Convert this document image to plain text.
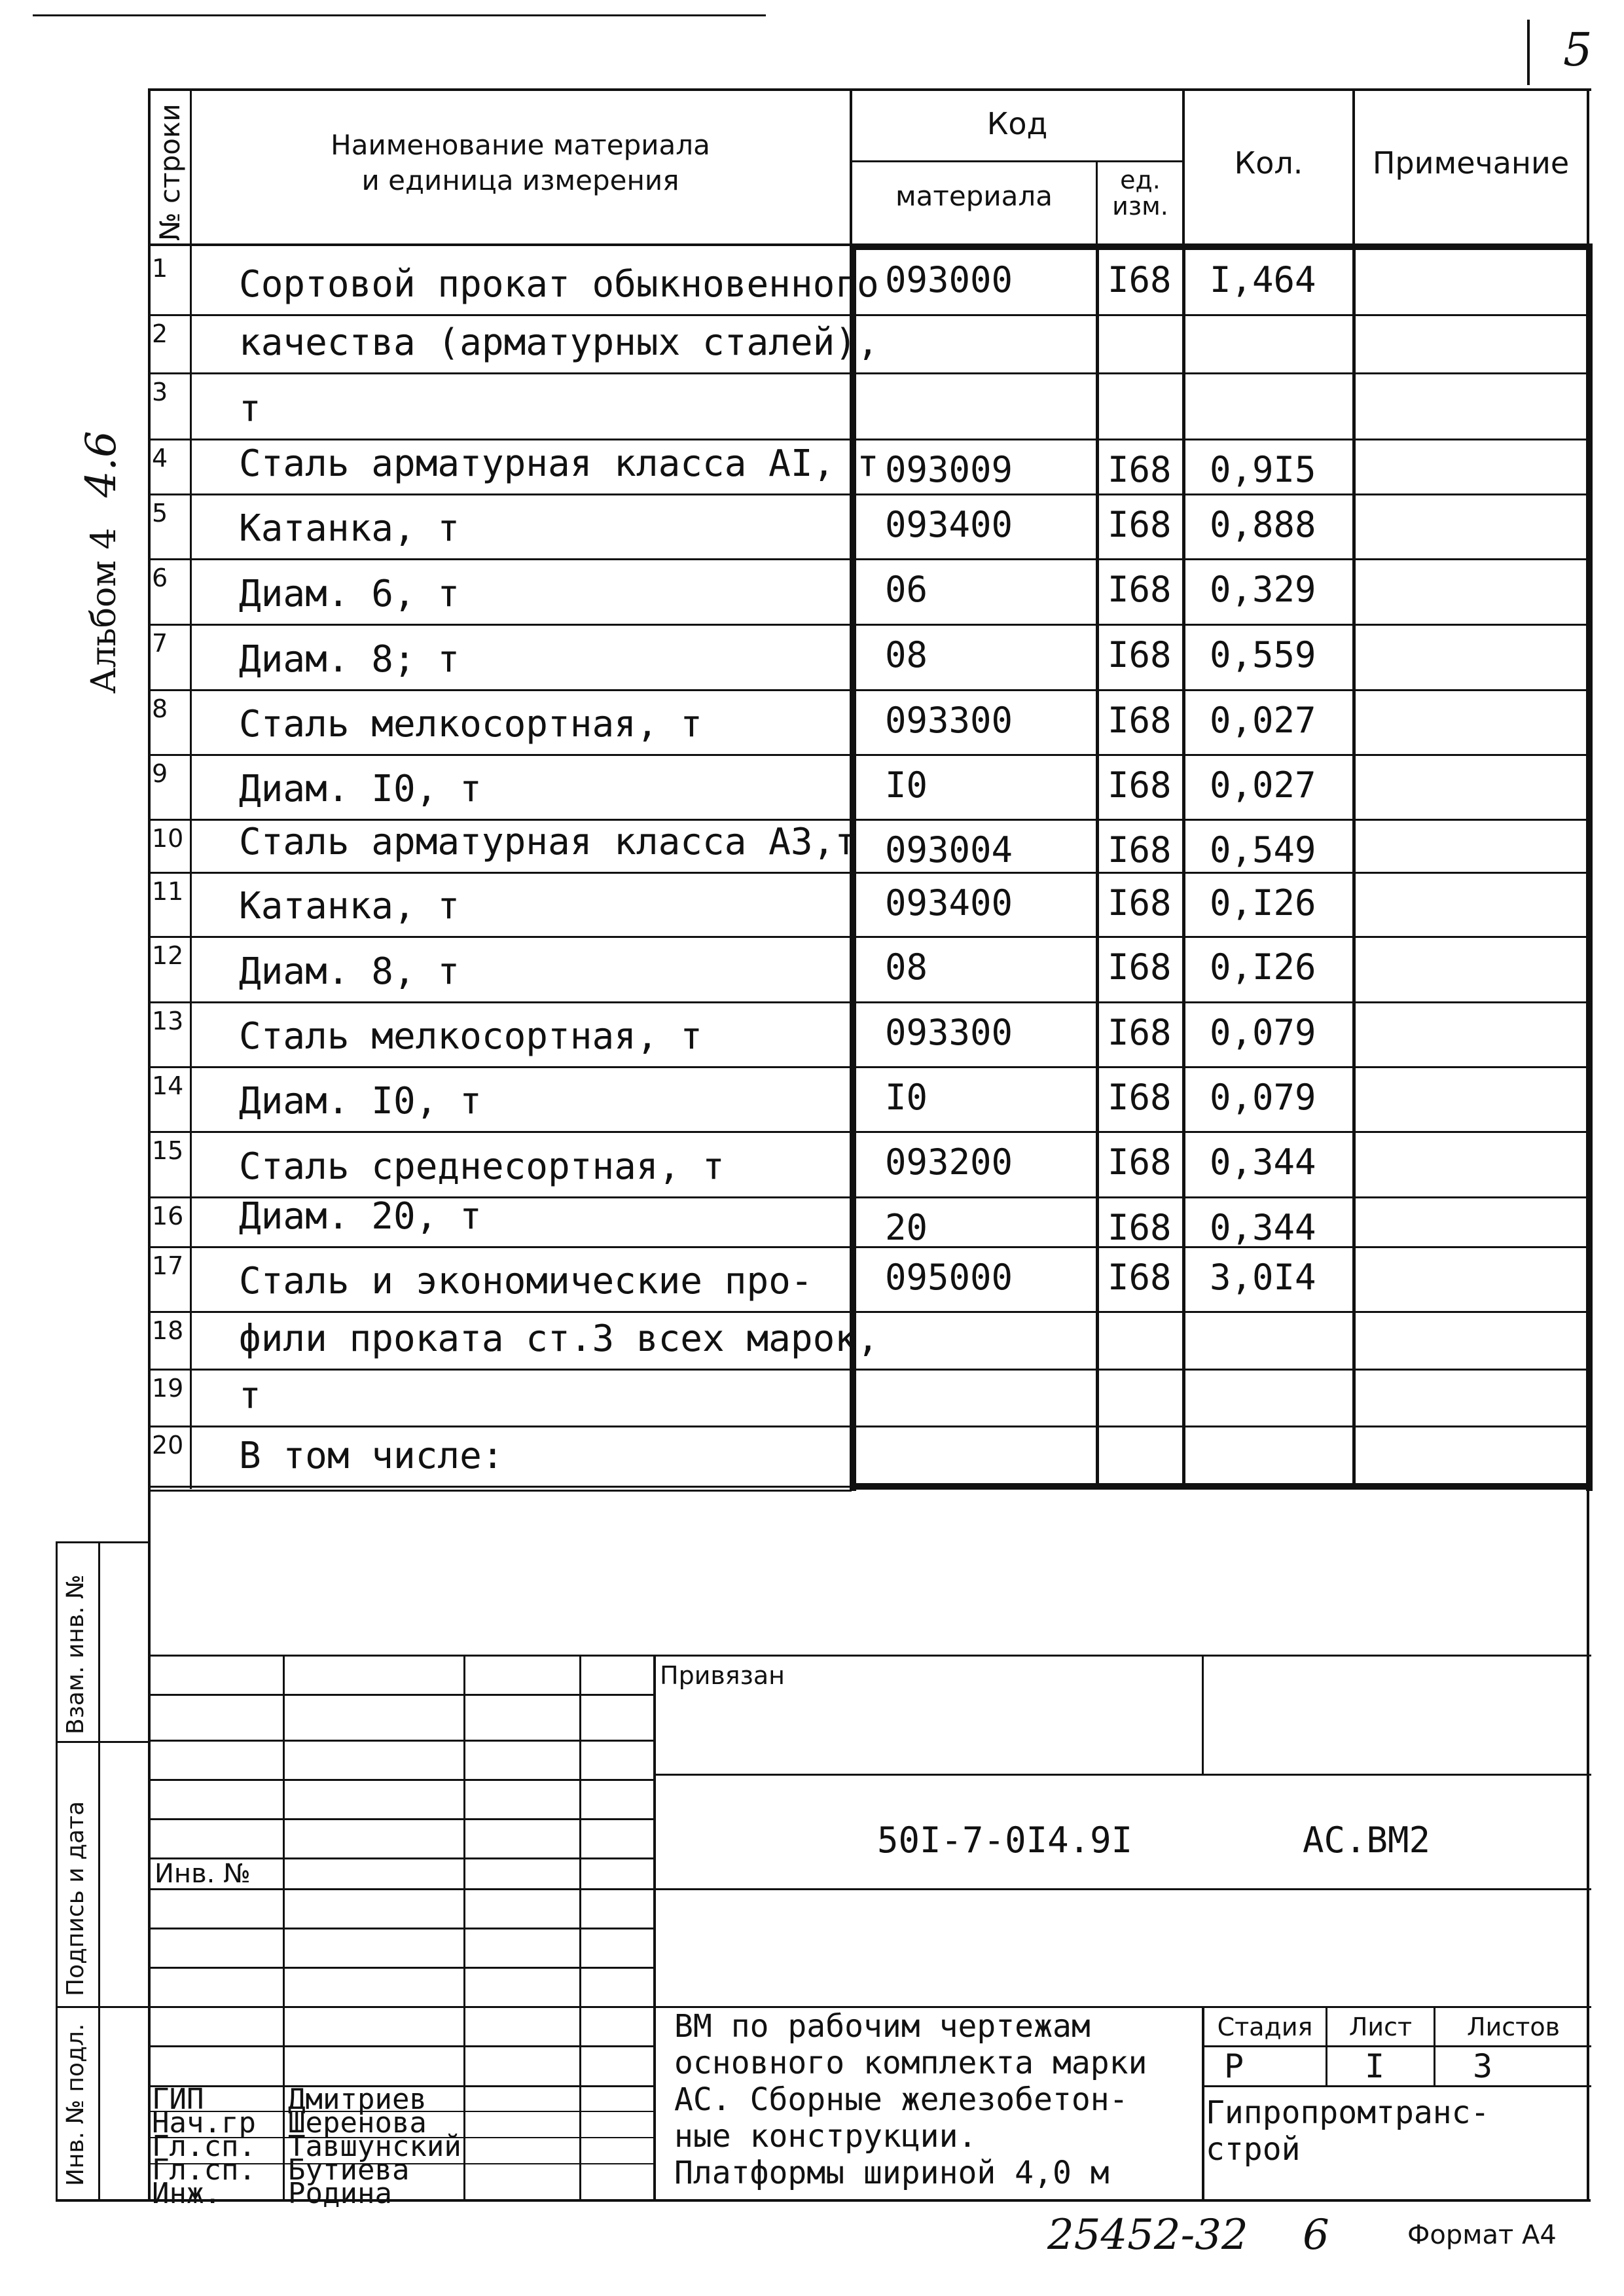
5
Альбом 4 4.6
№ строки	Наименование материала и единица измерения
Код
материала	ед. изм.
Кол.	Примечание
1 Сортовой прокат обыкновенного 093000	I68 I,464
2 качества (арматурных сталей),
3 т
4 Сталь арматурная класса АI, т 093009	I68 0,9I5
5 Катанка, т	093400	I68 0,888
6 Диам. 6, т	06	I68 0,329
7 Диам. 8; т	08	I68 0,559
8 Сталь мелкосортная, т	093300	I68 0,027
9 Диам. I0, т	I0	I68 0,027
10 Сталь арматурная класса А3,т 093004	I68 0,549
11 Катанка, т	093400	I68 0,I26
12 Диам. 8, т	08	I68 0,I26
13 Сталь мелкосортная, т	093300	I68 0,079
14 Диам. I0, т	I0	I68 0,079
15 Сталь среднесортная, т	093200	I68 0,344
16 Диам. 20, т	20	I68 0,344
17 Сталь и экономические про- 095000	I68 3,0I4
18 фили проката ст.3 всех марок,
19 т
20 В том числе:
Взам. инв. №
Подпись и дата
Инв. № подл.
Привязан
Инв. №
50I-7-0I4.9I	АС.ВМ2
ГИП	Дмитриев
Нач.гр Шеренова
Гл.сп. Тавшунский
Гл.сп. Бутиева
Инж. Родина
ВМ по рабочим чертежам
основного комплекта марки
АС. Сборные железобетон-
ные конструкции.
Платформы шириной 4,0 м
Стадия	Лист	Листов
Р	I	3
Гипропромтранс-
строй
25452-32 6	Формат А4
